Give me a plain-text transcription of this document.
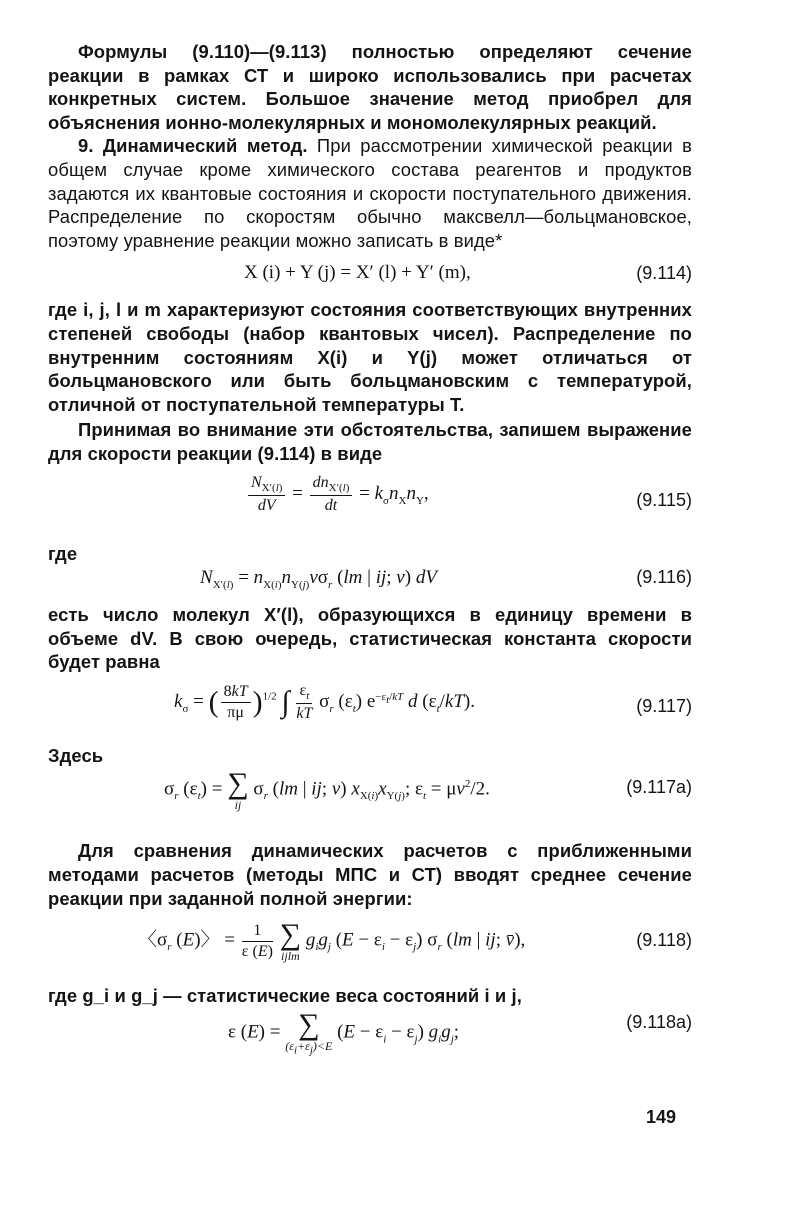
Формулы (9.110)—(9.113) полностью определяют сечение реакции в рамках СТ и широко использовались при расчетах конкретных систем. Большое значение метод приобрел для объяснения ионно-молекулярных и мономолекулярных реакций.

9. Динамический метод. При рассмотрении химической реакции в общем случае кроме химического состава реагентов и продуктов задаются их квантовые состояния и скорости поступательного движения. Распределение по скоростям обычно максвелл—больцмановское, поэтому уравнение реакции можно записать в виде*

X (i) + Y (j) = X′ (l) + Y′ (m),	(9.114)

где i, j, l и m характеризуют состояния соответствующих внутренних степеней свободы (набор квантовых чисел). Распределение по внутренним состояниям X(i) и Y(j) может отличаться от больцмановского или быть больцмановским с температурой, отличной от поступательной температуры T.

Принимая во внимание эти обстоятельства, запишем выражение для скорости реакции (9.114) в виде

$\frac{N_{X'(l)}}{dV} = \frac{dn_{X'(l)}}{dt} = k_\sigma n_Xn_Y$,	(9.115)

где

$N_{X'(l)} = n_{X(i)}n_{Y(j)}v\sigma_r$ (lm | ij; v) dV	(9.116)

есть число молекул X′(l), образующихся в единицу времени в объеме dV. В свою очередь, статистическая константа скорости будет равна

$k_\sigma$ = ( $\frac{8kT}{\pi\mu} )^{1/2}$ ∫ $\frac{\varepsilon_t}{kT} \sigma_r$ $(\varepsilon_t)$ $e^{-\varepsilon_t/kT}$ d $(\varepsilon_t/kT)$.	(9.117)

Здесь

$\sigma_r$ $(\varepsilon_t)$ = ∑
ij
$\sigma_r$ (lm | ij; v) $x_{X(i)}x_{Y(j)}$; $\varepsilon_t = \mu v^2/2$.	(9.117a)

Для сравнения динамических расчетов с приближенными методами расчетов (методы МПС и СТ) вводят среднее сечение реакции при заданной полной энергии:

〈$\sigma_r$ (E)〉 = $\frac{1}{\varepsilon (E)}$
∑
ijlm
$g_ig_j$ $(E - \varepsilon_i - \varepsilon_j)$ $\sigma_r$ (lm | ij; v̄),	(9.118)

где g_i и g_j — статистические веса состояний i и j,

ε (E) = ∑
$(\varepsilon_i+\varepsilon_j)<E$
$(E - \varepsilon_i - \varepsilon_j)$ $g_ig_j$;	(9.118a)
149
